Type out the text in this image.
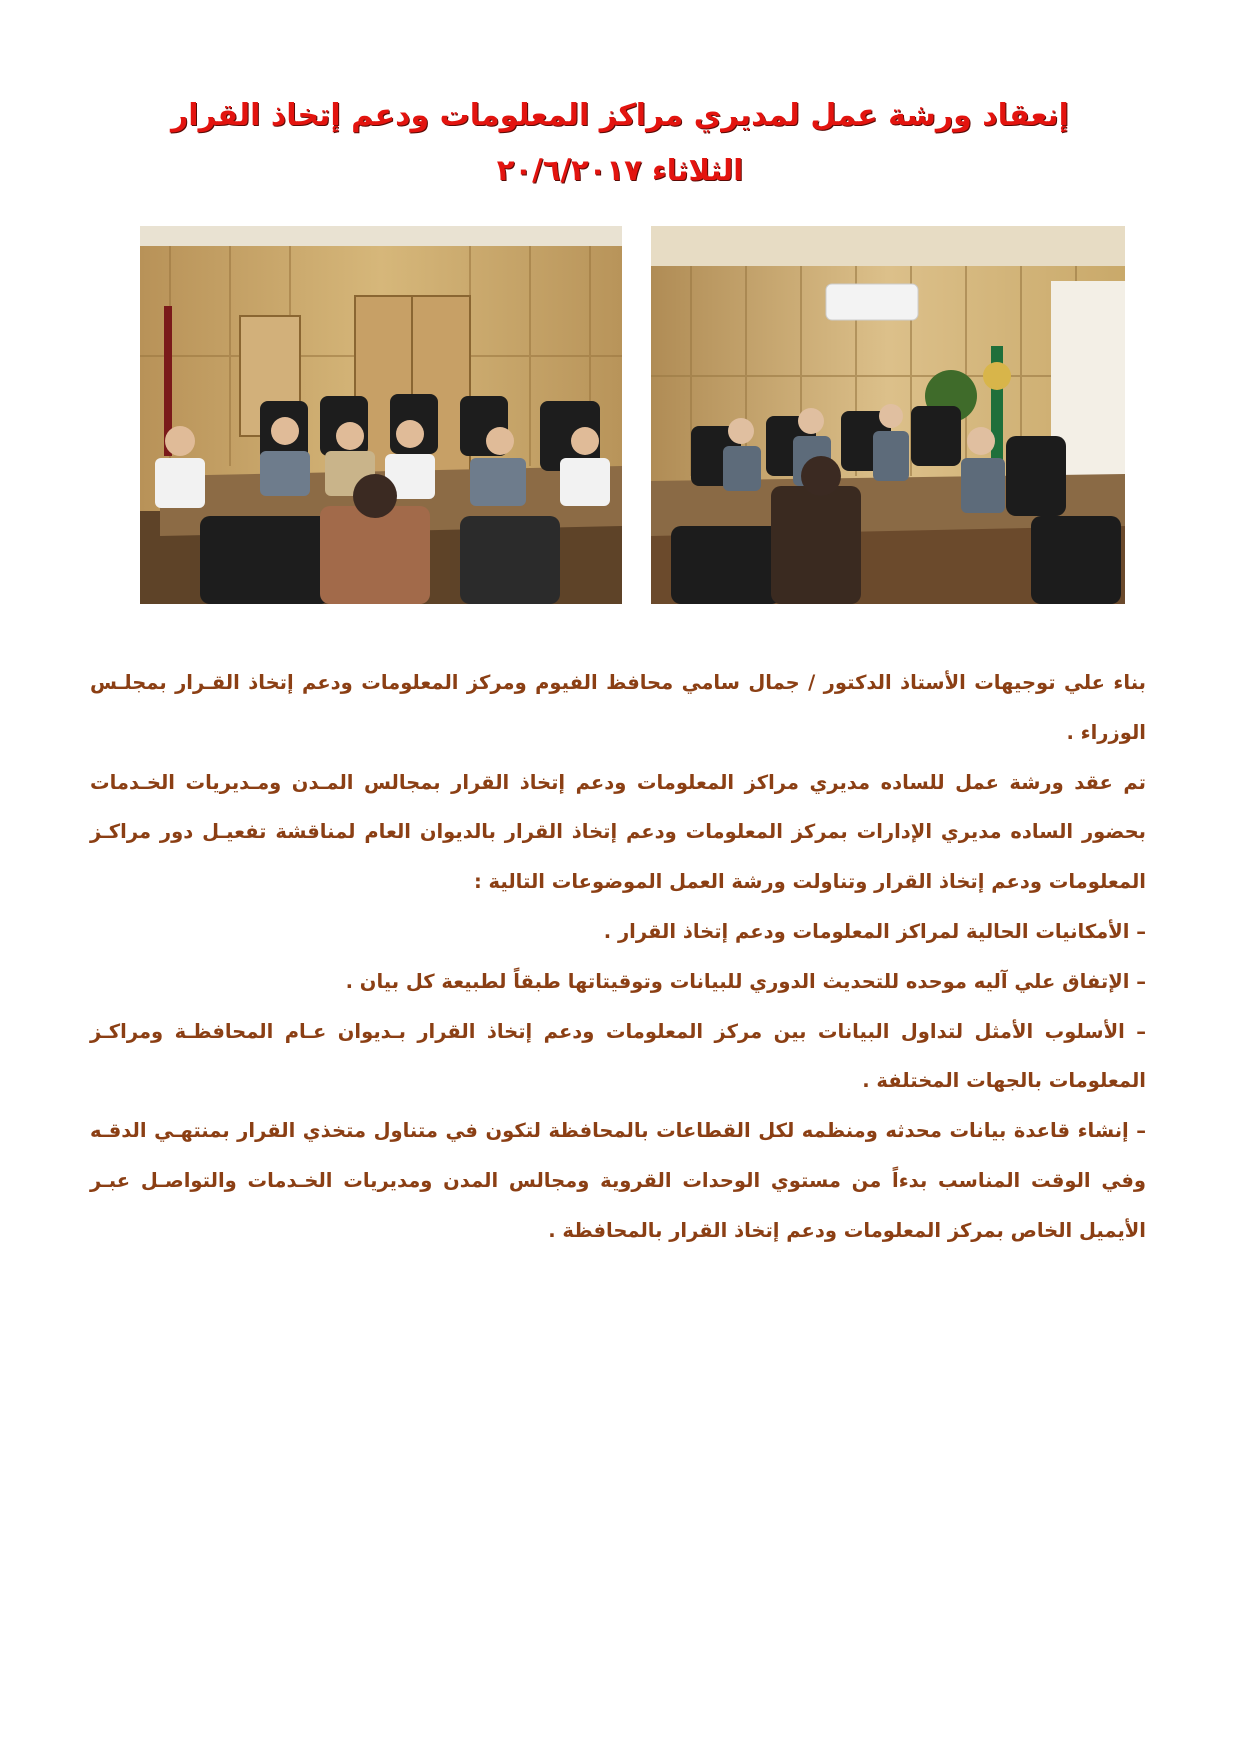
إنعقاد ورشة عمل لمديري مراكز المعلومات ودعم إتخاذ القرار
الثلاثاء ٢٠/٦/٢٠١٧

بناء علي توجيهات الأستاذ الدكتور / جمال سامي محافظ الفيوم ومركز المعلومات ودعم إتخاذ القـرار بمجلـس الوزراء .

تم عقد ورشة عمل للساده مديري مراكز المعلومات ودعم إتخاذ القرار بمجالس المـدن ومـديريات الخـدمات بحضور الساده مديري الإدارات بمركز المعلومات ودعم إتخاذ القرار بالديوان العام لمناقشة تفعيـل دور مراكـز المعلومات ودعم إتخاذ القرار وتناولت ورشة العمل الموضوعات التالية :

– الأمكانيات الحالية لمراكز المعلومات ودعم إتخاذ القرار .

– الإتفاق علي آليه موحده للتحديث الدوري للبيانات وتوقيتاتها طبقاً لطبيعة كل بيان .

– الأسلوب الأمثل لتداول البيانات بين مركز المعلومات ودعم إتخاذ القرار بـديوان عـام المحافظـة ومراكـز المعلومات بالجهات المختلفة .

– إنشاء قاعدة بيانات محدثه ومنظمه لكل القطاعات بالمحافظة لتكون في متناول متخذي القرار بمنتهـي الدقـه وفي الوقت المناسب بدءاً من مستوي الوحدات القروية ومجالس المدن ومديريات الخـدمات والتواصـل عبـر الأيميل الخاص بمركز المعلومات ودعم إتخاذ القرار بالمحافظة .
